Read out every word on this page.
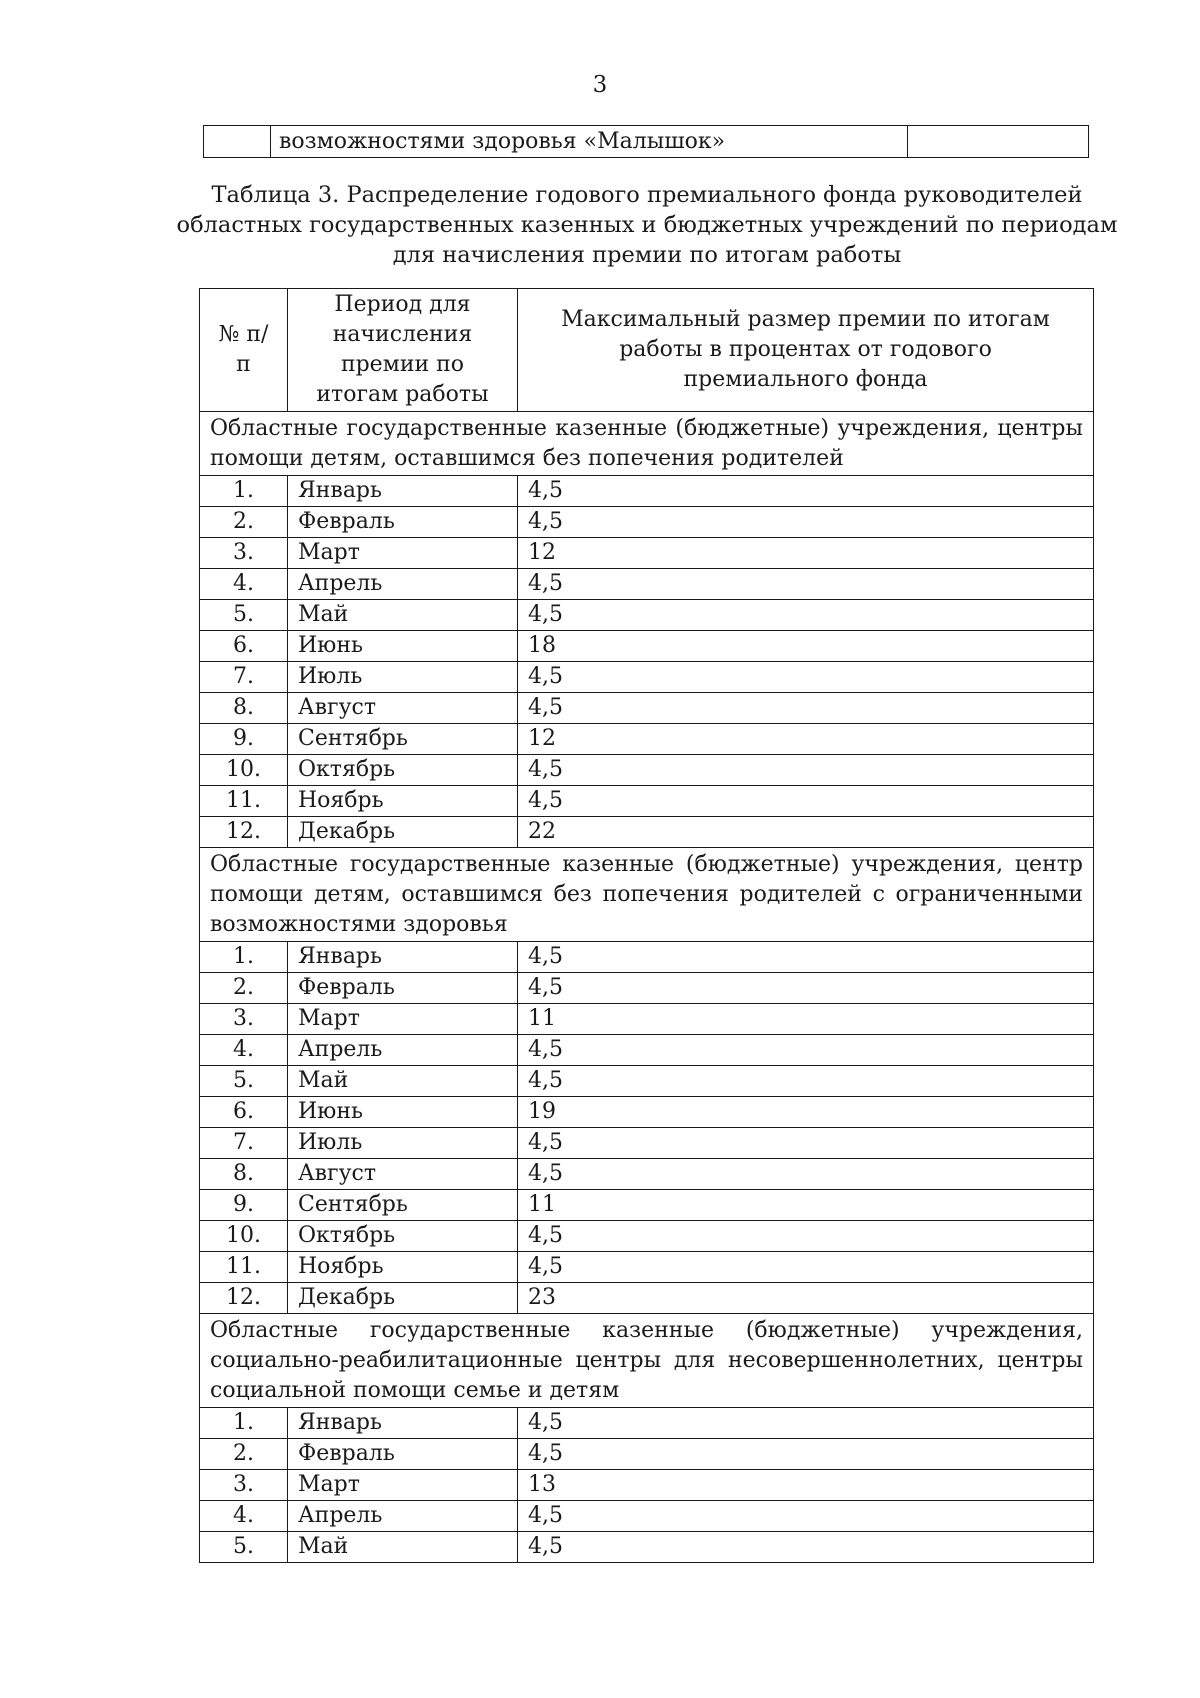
3
	возможностями здоровья «Малышок»	
Таблица 3. Распределение годового премиального фонда руководителей областных государственных казенных и бюджетных учреждений по периодам для начисления премии по итогам работы
№ п/п	Период для начисления премии по итогам работы	Максимальный размер премии по итогам работы в процентах от годового премиального фонда

Областные государственные казенные (бюджетные) учреждения, центры помощи детям, оставшимся без попечения родителей		
1.	Январь	4,5
2.	Февраль	4,5
3.	Март	12
4.	Апрель	4,5
5.	Май	4,5
6.	Июнь	18
7.	Июль	4,5
8.	Август	4,5
9.	Сентябрь	12
10.	Октябрь	4,5
11.	Ноябрь	4,5
12.	Декабрь	22
Областные государственные казенные (бюджетные) учреждения, центр помощи детям, оставшимся без попечения родителей с ограниченными возможностями здоровья		
1.	Январь	4,5
2.	Февраль	4,5
3.	Март	11
4.	Апрель	4,5
5.	Май	4,5
6.	Июнь	19
7.	Июль	4,5
8.	Август	4,5
9.	Сентябрь	11
10.	Октябрь	4,5
11.	Ноябрь	4,5
12.	Декабрь	23
Областные государственные казенные (бюджетные) учреждения, социально-реабилитационные центры для несовершеннолетних, центры социальной помощи семье и детям		
1.	Январь	4,5
2.	Февраль	4,5
3.	Март	13
4.	Апрель	4,5
5.	Май	4,5
